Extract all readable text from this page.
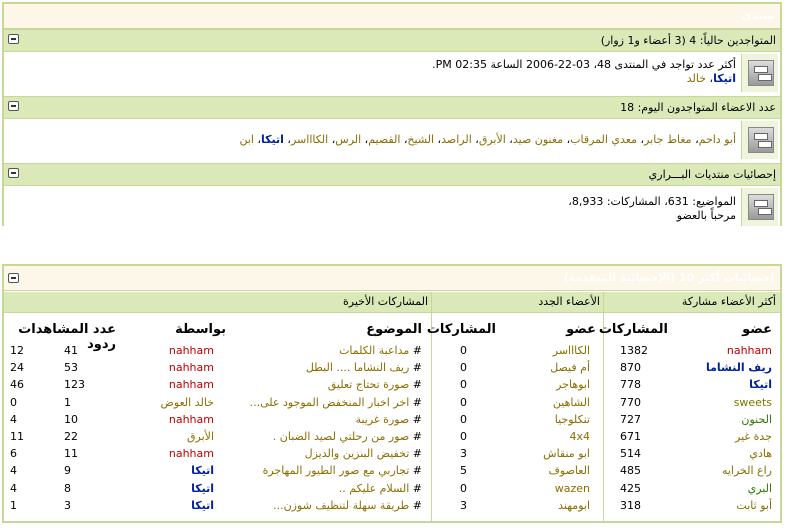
منتدى
المتواجدين حالياً: 4 (3 أعضاء و1 زوار)
أكثر عدد تواجد في المنتدى 48، 03-22-2006 الساعة 02:35 PM.
اتيكا، خالد
عدد الاعضاء المتواجدون اليوم: 18
أبو داحم، مغاط جابر، معدي المرقاب، مغنون صيد، الأبرق، الراصد، الشيخ، القصيم، الرس، الكاااسر، اتيكا، ابن
إحصائيات منتديات البـــراري
المواضيع: 631، المشاركات: 8,933،
مرحباً بالعضو
إحصائيات أكثر 10 (الإحصائية المتقدمة)
أكثر الأعضاء مشاركة
الأعضاء الجدد
المشاركات الأخيرة
عضو
المشاركات
عضو
المشاركات
الموضوع
بواسطة
عدد المشاهدات ردود	nahham
1382
الكاااسر
0
# مداعبة الكلمات
nahham
41
12
ريف النشاما
870
أم فيصل
0
# ريف النشاما .... البطل
nahham
53
24
اتيكا
778
ابوهاجر
0
# صورة تحتاج تعليق
nahham
123
46
sweets
770
الشاهين
0
# اخر اخبار المنخفض الموجود على...
خالد العوض
1
0
الحنون
727
تنكلوجيا
0
# صورة غريبة
nahham
10
4
جدة غير
671
4x4
0
# صور من رحلتي لصيد الضبان .
الأبرق
22
11
هادي
514
ابو منقاش
3
# تخفيض البنزين والديزل
nahham
11
6
راع الخرايه
485
العاصوف
5
# تجاربي مع صور الطيور المهاجرة
اتيكا
9
4
البري
425
wazen
0
# السلام عليكم ..
اتيكا
8
4
أبو ثابت
318
ابومهند
3
# طريقة سهلة لتنظيف شوزن...
اتيكا
3
1
